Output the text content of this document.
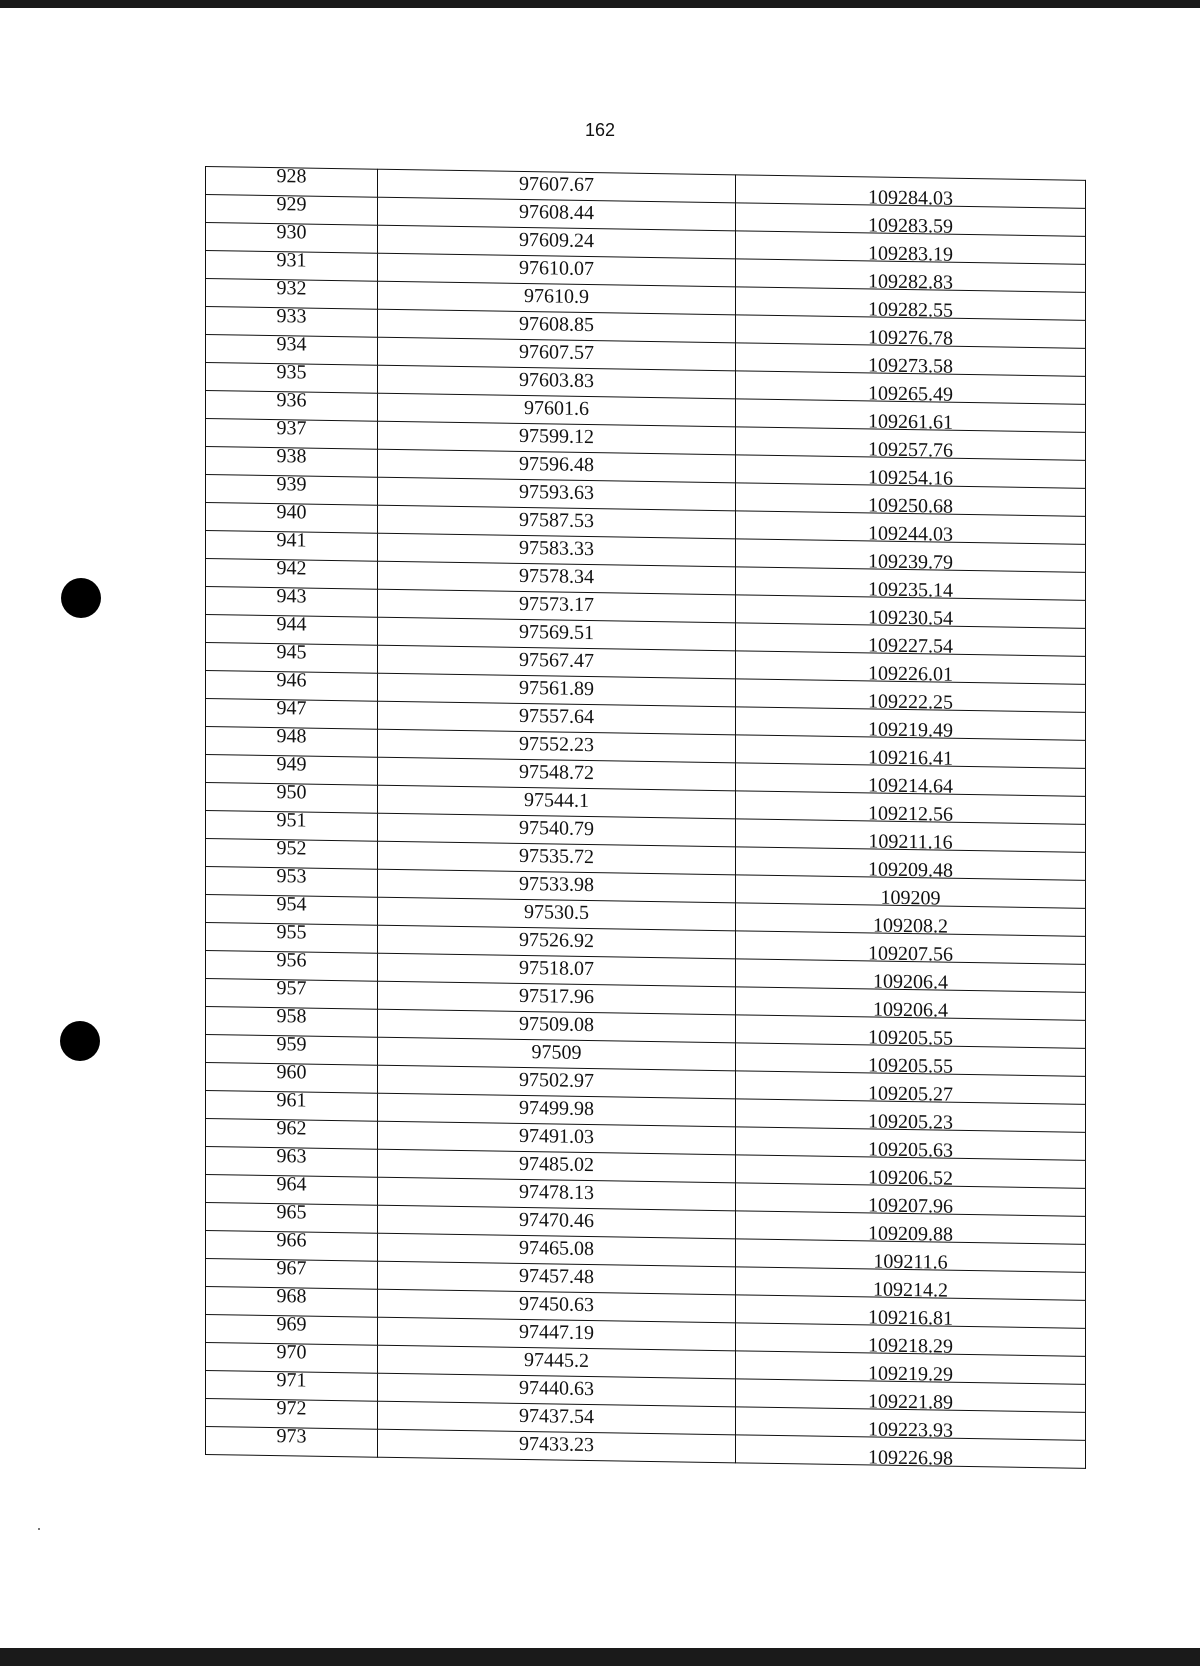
162
928	97607.67	109284.03
929	97608.44	109283.59
930	97609.24	109283.19
931	97610.07	109282.83
932	97610.9	109282.55
933	97608.85	109276.78
934	97607.57	109273.58
935	97603.83	109265.49
936	97601.6	109261.61
937	97599.12	109257.76
938	97596.48	109254.16
939	97593.63	109250.68
940	97587.53	109244.03
941	97583.33	109239.79
942	97578.34	109235.14
943	97573.17	109230.54
944	97569.51	109227.54
945	97567.47	109226.01
946	97561.89	109222.25
947	97557.64	109219.49
948	97552.23	109216.41
949	97548.72	109214.64
950	97544.1	109212.56
951	97540.79	109211.16
952	97535.72	109209.48
953	97533.98	109209
954	97530.5	109208.2
955	97526.92	109207.56
956	97518.07	109206.4
957	97517.96	109206.4
958	97509.08	109205.55
959	97509	109205.55
960	97502.97	109205.27
961	97499.98	109205.23
962	97491.03	109205.63
963	97485.02	109206.52
964	97478.13	109207.96
965	97470.46	109209.88
966	97465.08	109211.6
967	97457.48	109214.2
968	97450.63	109216.81
969	97447.19	109218.29
970	97445.2	109219.29
971	97440.63	109221.89
972	97437.54	109223.93
973	97433.23	109226.98
